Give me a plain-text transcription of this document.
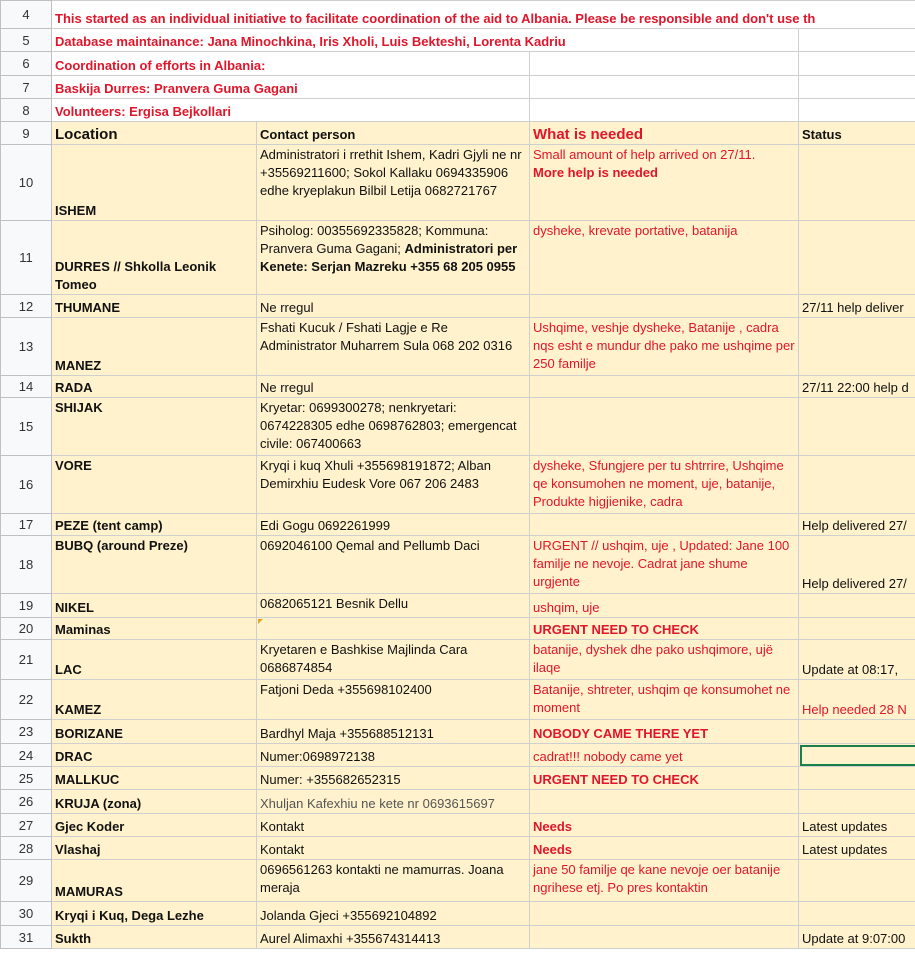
4	This started as an individual initiative to facilitate coordination of the aid to Albania. Please be responsible and don't use th			
5	Database maintainance: Jana Minochkina, Iris Xholi, Luis Bekteshi, Lorenta Kadriu			
6	Coordination of efforts in Albania:			
7	Baskija Durres: Pranvera Guma Gagani			
8	Volunteers: Ergisa Bejkollari			
9	Location	Contact person	What is needed	Status
10	ISHEM	Administratori i rrethit Ishem, Kadri Gjyli ne nr +35569211600; Sokol Kallaku 0694335906 edhe kryeplakun Bilbil Letija 0682721767	Small amount of help arrived on 27/11.
More help is needed	
11	DURRES // Shkolla Leonik Tomeo	Psiholog: 00355692335828; Kommuna: Pranvera Guma Gagani; Administratori per Kenete: Serjan Mazreku +355 68 205 0955	dysheke, krevate portative, batanija	
12	THUMANE	Ne rregul		27/11 help deliver
13	MANEZ	Fshati Kucuk / Fshati Lagje e Re Administrator Muharrem Sula 068 202 0316	Ushqime, veshje dysheke, Batanije , cadra nqs esht e mundur dhe pako me ushqime per 250 familje	
14	RADA	Ne rregul		27/11 22:00 help d
15	SHIJAK	Kryetar: 0699300278; nenkryetari: 0674228305 edhe 0698762803; emergencat civile: 067400663		
16	VORE	Kryqi i kuq Xhuli +355698191872; Alban Demirxhiu Eudesk Vore 067 206 2483	dysheke, Sfungjere per tu shtrrire, Ushqime qe konsumohen ne moment, uje, batanije, Produkte higjienike, cadra	
17	PEZE (tent camp)	Edi Gogu 0692261999		Help delivered 27/
18	BUBQ (around Preze)	0692046100 Qemal and Pellumb Daci	URGENT // ushqim, uje , Updated: Jane 100 familje ne nevoje. Cadrat jane shume urgjente	Help delivered 27/
19	NIKEL	0682065121 Besnik Dellu	ushqim, uje	
20	Maminas		URGENT NEED TO CHECK	
21	LAC	Kryetaren e Bashkise Majlinda Cara 0686874854	batanije, dyshek dhe pako ushqimore, ujë ilaqe	Update at 08:17,
22	KAMEZ	Fatjoni Deda +355698102400	Batanije, shtreter, ushqim qe konsumohet ne moment	Help needed 28 N
23	BORIZANE	Bardhyl Maja +355688512131	NOBODY CAME THERE YET	
24	DRAC	Numer:0698972138	cadrat!!! nobody came yet	
25	MALLKUC	Numer: +355682652315	URGENT NEED TO CHECK	
26	KRUJA (zona)	Xhuljan Kafexhiu ne kete nr 0693615697		
27	Gjec Koder	Kontakt	Needs	Latest updates
28	Vlashaj	Kontakt	Needs	Latest updates
29	MAMURAS	0696561263 kontakti ne mamurras. Joana meraja	jane 50 familje qe kane nevoje oer batanije ngrihese etj. Po pres kontaktin	
30	Kryqi i Kuq, Dega Lezhe	Jolanda Gjeci +355692104892		
31	Sukth	Aurel Alimaxhi +355674314413		Update at 9:07:00
